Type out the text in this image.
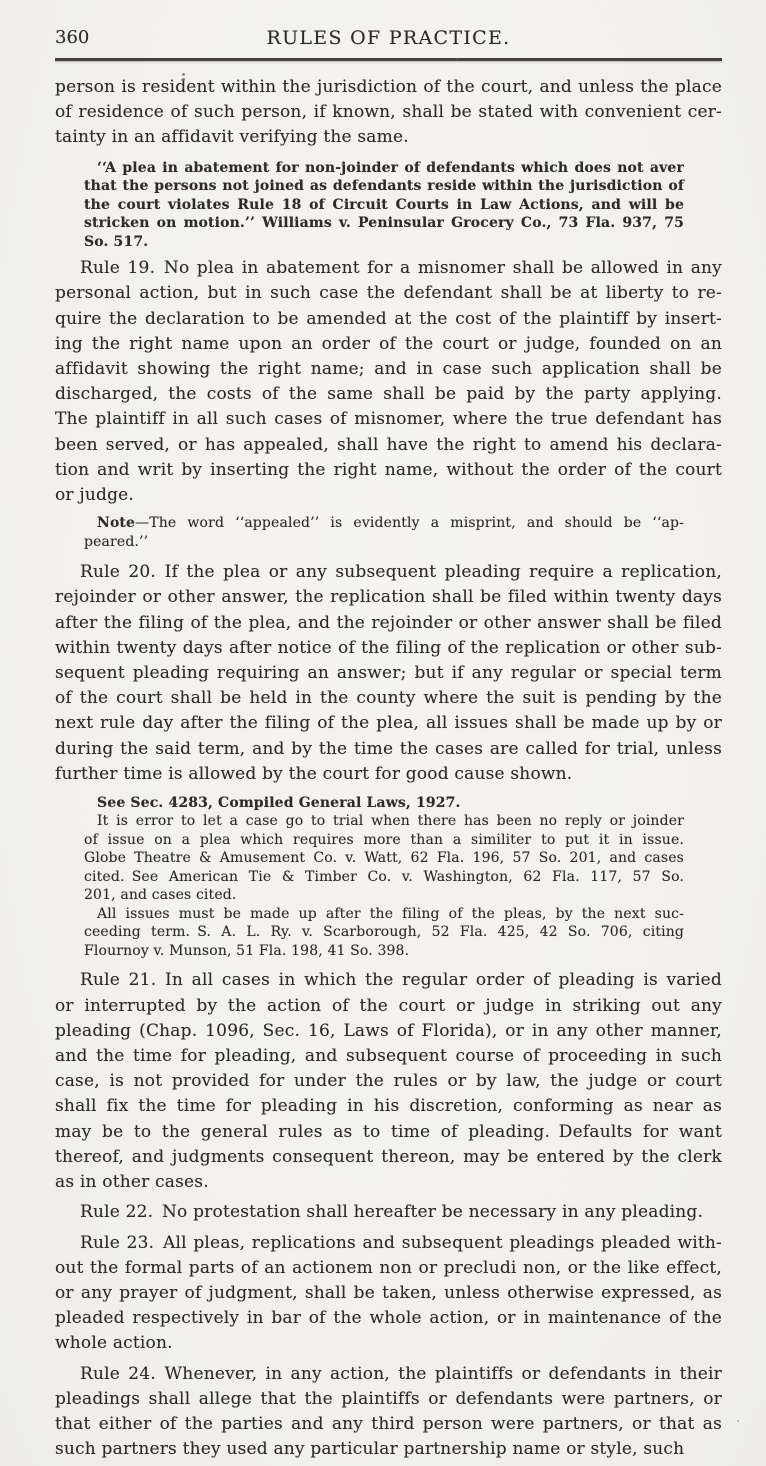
360	RULES OF PRACTICE.
person is resident within the jurisdiction of the court, and unless the place
of residence of such person, if known, shall be stated with convenient cer-
tainty in an affidavit verifying the same.
‘‘A plea in abatement for non-joinder of defendants which does not aver
that the persons not joined as defendants reside within the jurisdiction of
the court violates Rule 18 of Circuit Courts in Law Actions, and will be
stricken on motion.’’ Williams v. Peninsular Grocery Co., 73 Fla. 937, 75
So. 517.
Rule 19. No plea in abatement for a misnomer shall be allowed in any
personal action, but in such case the defendant shall be at liberty to re-
quire the declaration to be amended at the cost of the plaintiff by insert-
ing the right name upon an order of the court or judge, founded on an
affidavit showing the right name; and in case such application shall be
discharged, the costs of the same shall be paid by the party applying.
The plaintiff in all such cases of misnomer, where the true defendant has
been served, or has appealed, shall have the right to amend his declara-
tion and writ by inserting the right name, without the order of the court
or judge.
Note—The word ‘‘appealed’’ is evidently a misprint, and should be ‘‘ap-
peared.’’
Rule 20. If the plea or any subsequent pleading require a replication,
rejoinder or other answer, the replication shall be filed within twenty days
after the filing of the plea, and the rejoinder or other answer shall be filed
within twenty days after notice of the filing of the replication or other sub-
sequent pleading requiring an answer; but if any regular or special term
of the court shall be held in the county where the suit is pending by the
next rule day after the filing of the plea, all issues shall be made up by or
during the said term, and by the time the cases are called for trial, unless
further time is allowed by the court for good cause shown.
See Sec. 4283, Compiled General Laws, 1927.
It is error to let a case go to trial when there has been no reply or joinder
of issue on a plea which requires more than a similiter to put it in issue.
Globe Theatre & Amusement Co. v. Watt, 62 Fla. 196, 57 So. 201, and cases
cited. See American Tie & Timber Co. v. Washington, 62 Fla. 117, 57 So.
201, and cases cited.
All issues must be made up after the filing of the pleas, by the next suc-
ceeding term. S. A. L. Ry. v. Scarborough, 52 Fla. 425, 42 So. 706, citing
Flournoy v. Munson, 51 Fla. 198, 41 So. 398.
Rule 21. In all cases in which the regular order of pleading is varied
or interrupted by the action of the court or judge in striking out any
pleading (Chap. 1096, Sec. 16, Laws of Florida), or in any other manner,
and the time for pleading, and subsequent course of proceeding in such
case, is not provided for under the rules or by law, the judge or court
shall fix the time for pleading in his discretion, conforming as near as
may be to the general rules as to time of pleading. Defaults for want
thereof, and judgments consequent thereon, may be entered by the clerk
as in other cases.
Rule 22. No protestation shall hereafter be necessary in any pleading.
Rule 23. All pleas, replications and subsequent pleadings pleaded with-
out the formal parts of an actionem non or precludi non, or the like effect,
or any prayer of judgment, shall be taken, unless otherwise expressed, as
pleaded respectively in bar of the whole action, or in maintenance of the
whole action.
Rule 24. Whenever, in any action, the plaintiffs or defendants in their
pleadings shall allege that the plaintiffs or defendants were partners, or
that either of the parties and any third person were partners, or that as
such partners they used any particular partnership name or style, such
